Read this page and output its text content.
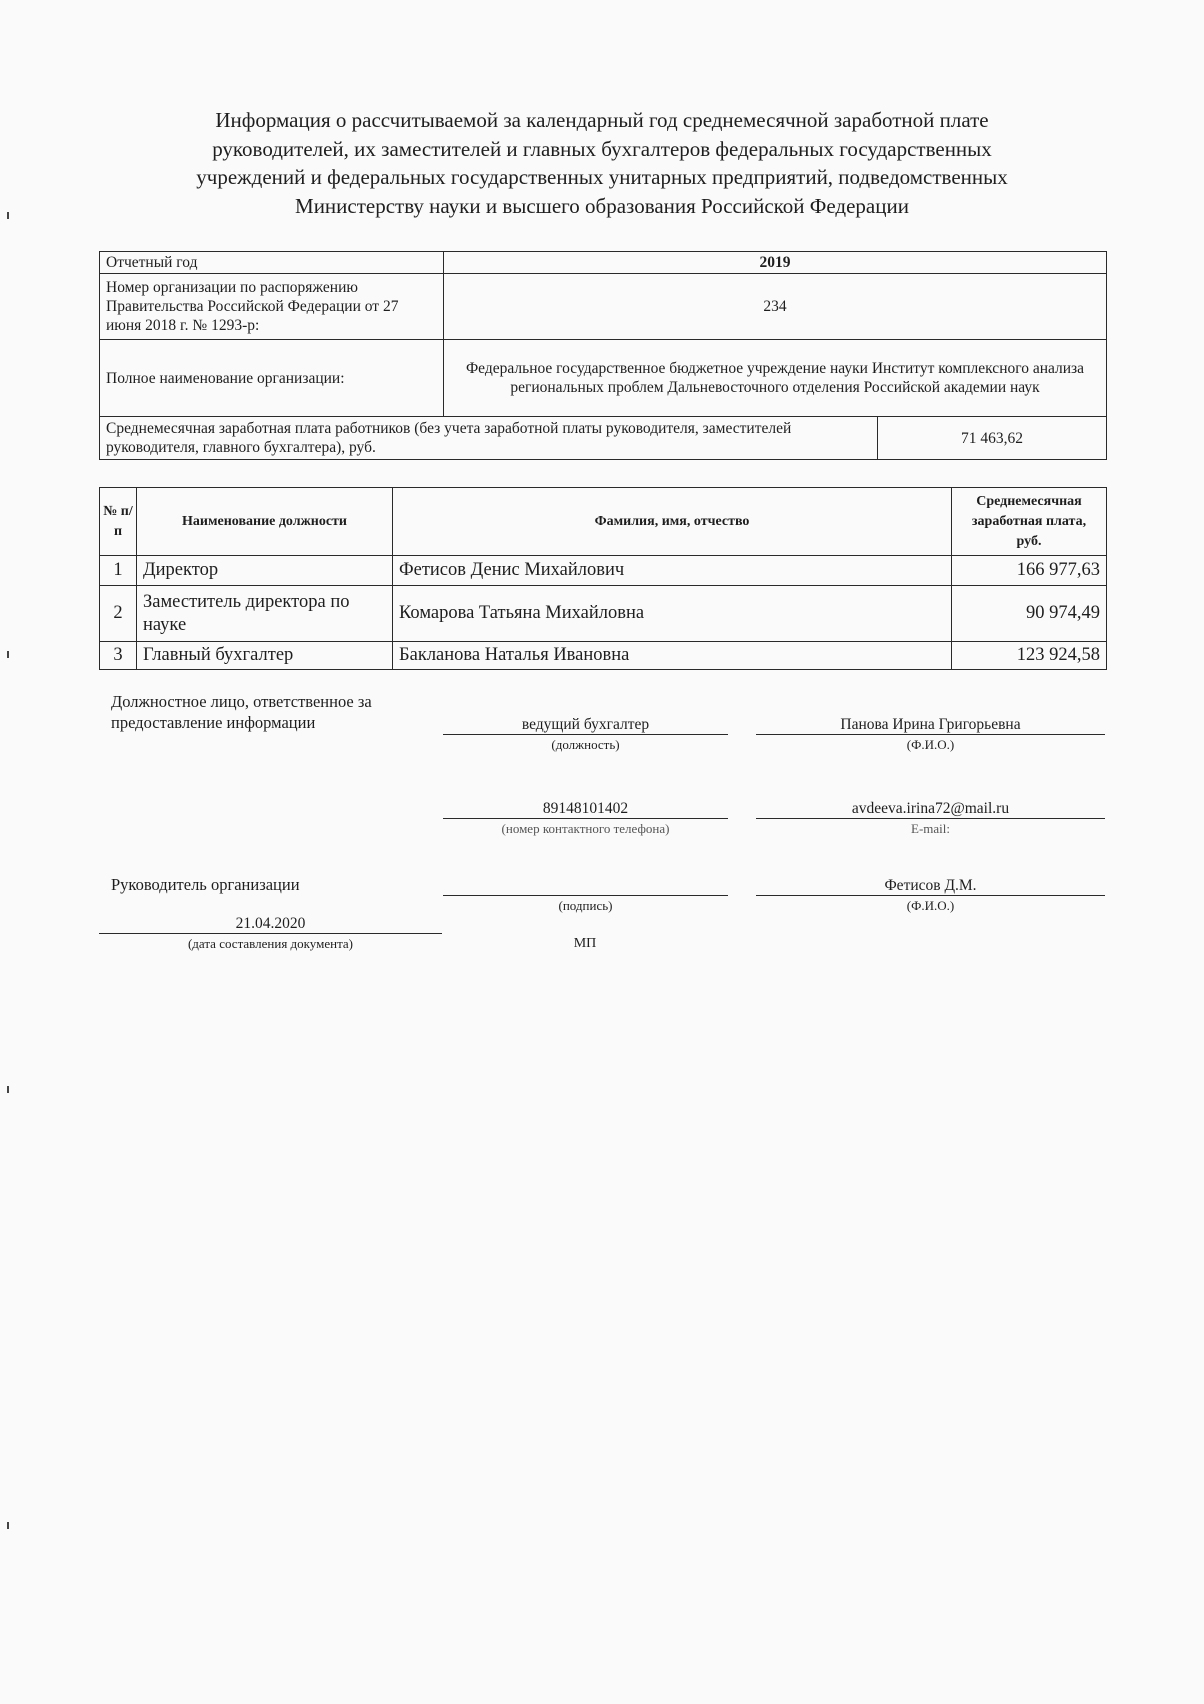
Информация о рассчитываемой за календарный год среднемесячной заработной плате
руководителей, их заместителей и главных бухгалтеров федеральных государственных
учреждений и федеральных государственных унитарных предприятий, подведомственных
Министерству науки и высшего образования Российской Федерации
Отчетный год	2019	
Номер организации по распоряжению Правительства Российской Федерации от 27 июня 2018 г. № 1293-р:	234	
Полное наименование организации:	Федеральное государственное бюджетное учреждение науки Институт комплексного анализа региональных проблем Дальневосточного отделения Российской академии наук	
Среднемесячная заработная плата работников (без учета заработной платы руководителя, заместителей руководителя, главного бухгалтера), руб.		71 463,62
№ п/п	Наименование должности	Фамилия, имя, отчество	Среднемесячная заработная плата, руб.
1	Директор	Фетисов Денис Михайлович	166 977,63
2	Заместитель директора по науке	Комарова Татьяна Михайловна	90 974,49
3	Главный бухгалтер	Бакланова Наталья Ивановна	123 924,58
Должностное лицо, ответственное за
предоставление информации	ведущий бухгалтер
(должность)
Панова Ирина Григорьевна
(Ф.И.О.)
89148101402
(номер контактного телефона)
avdeeva.irina72@mail.ru
E-mail:
Руководитель организации
(подпись)
Фетисов Д.М.
(Ф.И.О.)
21.04.2020
(дата составления документа)	МП
